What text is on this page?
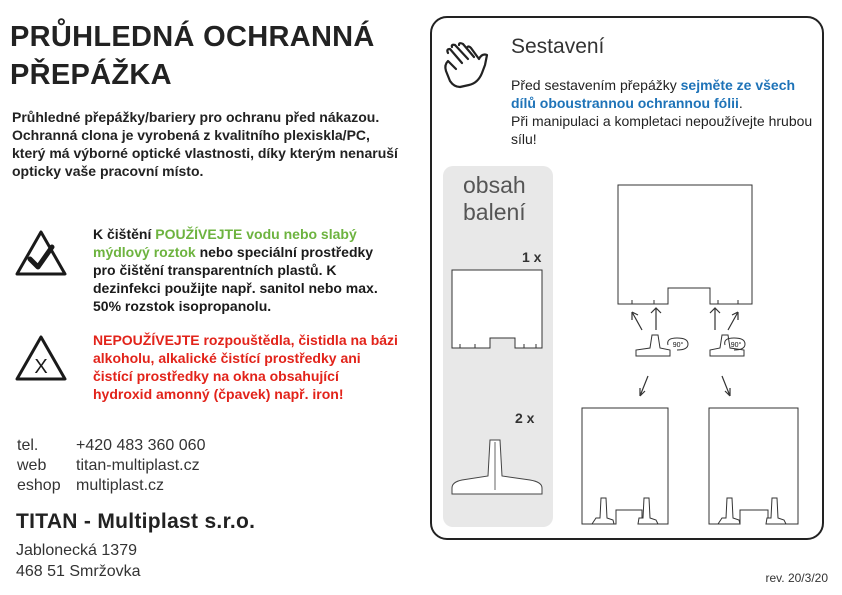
PRŮHLEDNÁ OCHRANNÁ PŘEPÁŽKA
Průhledné přepážky/bariery pro ochranu před nákazou. Ochranná clona je vyrobená z kvalitního plexiskla/PC, který má výborné optické vlastnosti, díky kterým nenaruší opticky vaše pracovní místo.
K čištění POUŽÍVEJTE vodu nebo slabý mýdlový roztok nebo speciální prostředky pro čištění transparentních plastů. K dezinfekci použijte např. sanitol nebo max. 50% rozstok isopropanolu.
X
NEPOUŽÍVEJTE rozpouštědla, čistidla na bázi alkoholu, alkalické čistící prostředky ani čistící prostředky na okna obsahující hydroxid amonný (čpavek) např. iron!
tel.	+420 483 360 060
web	titan-multiplast.cz
eshop multiplast.cz
TITAN - Multiplast s.r.o.
Jablonecká 1379
468 51 Smržovka	rev. 20/3/20
Sestavení
Před sestavením přepážky sejměte ze všech dílů oboustrannou ochrannou fólii.
Při manipulaci a kompletaci nepoužívejte hrubou sílu!
obsah
balení
1 x
2 x
90°	90°
